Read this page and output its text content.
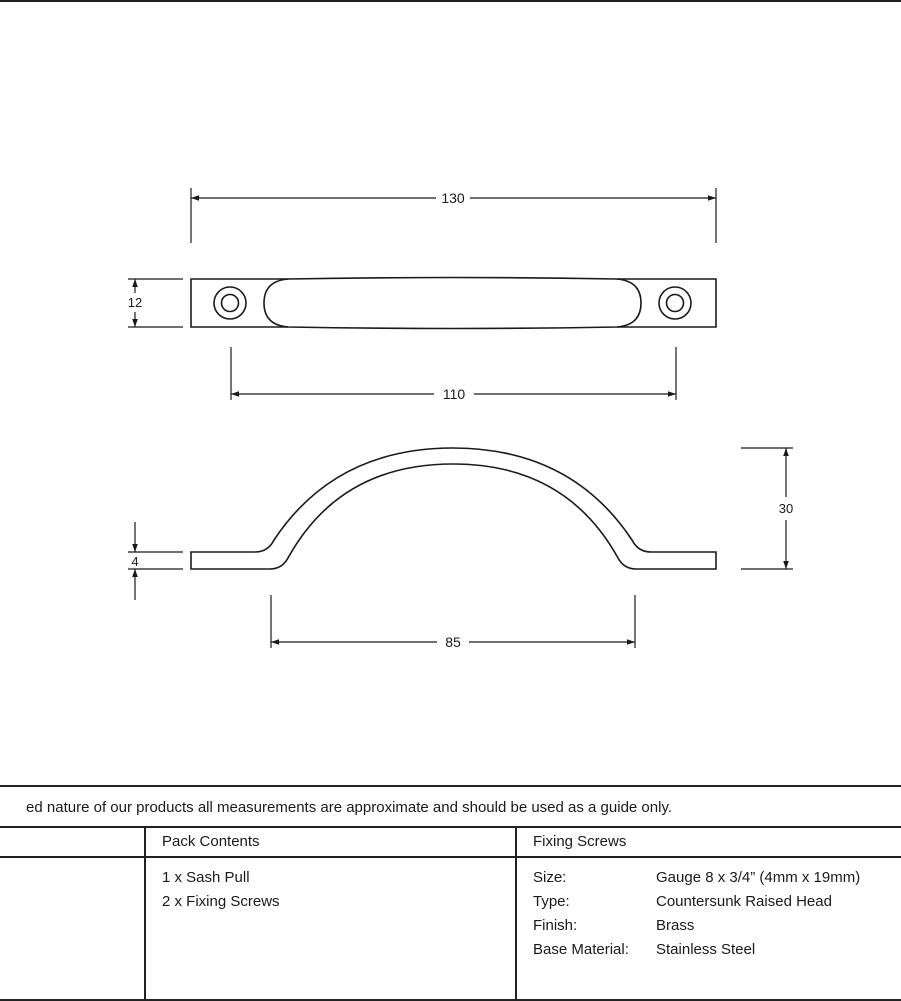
130
12
110
4
30
85
ed nature of our products all measurements are approximate and should be used as a guide only.
Pack Contents	Fixing Screws
1 x Sash Pull
2 x Fixing Screws
Size:	Gauge 8 x 3/4” (4mm x 19mm)
Type:	Countersunk Raised Head
Finish:	Brass
Base Material: Stainless Steel
